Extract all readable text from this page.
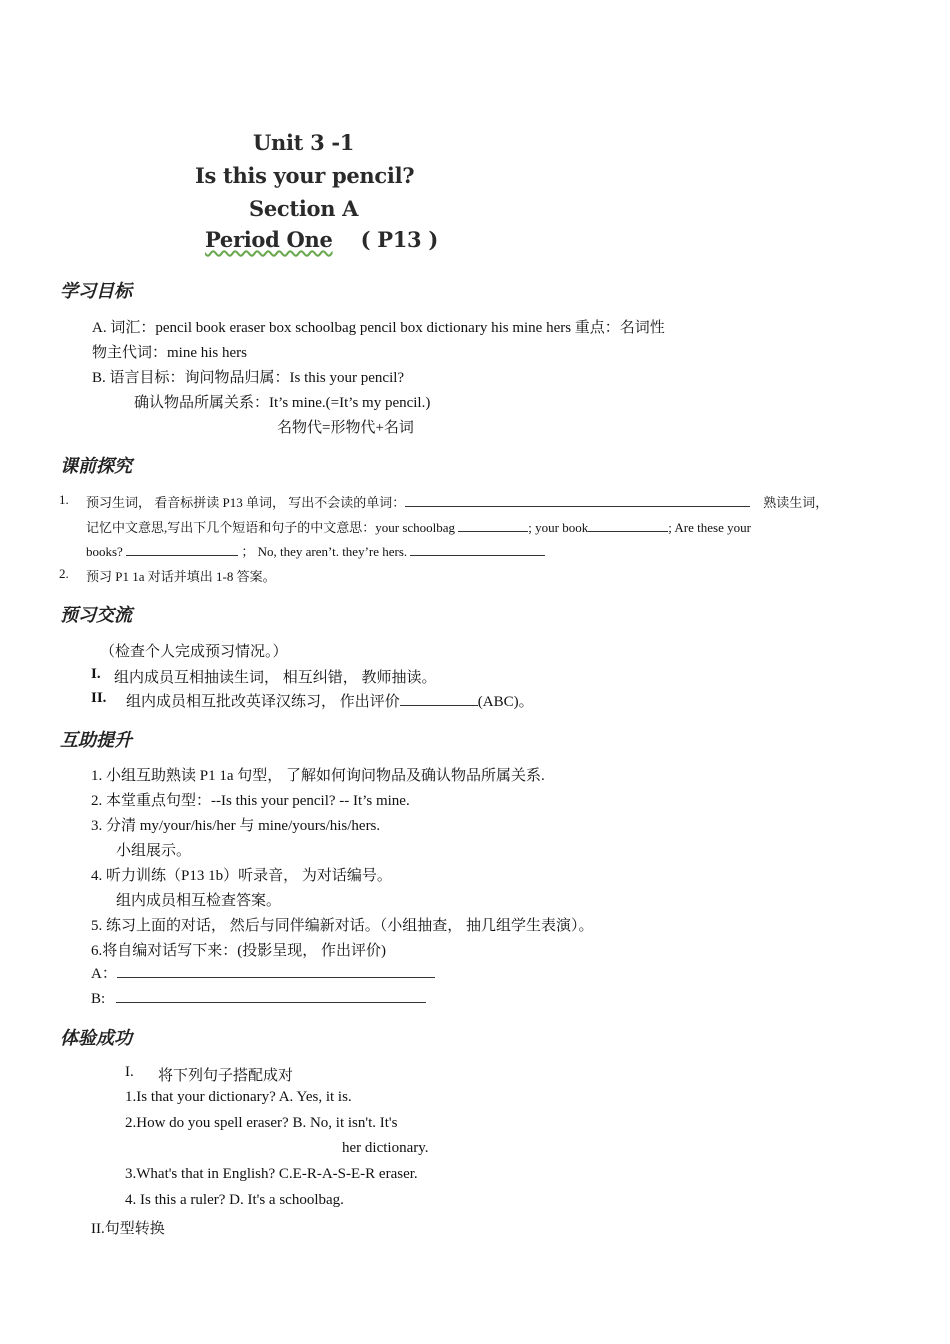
Unit 3 -1
Is this your pencil?
Section A
Period One ( P13 )
学习目标
A. 词汇：pencil book eraser box schoolbag pencil box dictionary his mine hers 重点：名词性
物主代词：mine his hers
B. 语言目标：询问物品归属：Is this your pencil?
确认物品所属关系：It’s mine.(=It’s my pencil.)
名物代=形物代+名词
课前探究
1. 预习生词， 看音标拼读 P13 单词， 写出不会读的单词：	熟读生词，
记忆中文意思,写出下几个短语和句子的中文意思：your schoolbag	; your book	; Are these your
books?	； No, they aren’t. they’re hers.
2. 预习 P1 1a 对话并填出 1-8 答案。
预习交流
（检查个人完成预习情况。）
I. 组内成员互相抽读生词， 相互纠错， 教师抽读。
II. 组内成员相互批改英译汉练习， 作出评价	(ABC)。
互助提升
1. 小组互助熟读 P1 1a 句型， 了解如何询问物品及确认物品所属关系.
2. 本堂重点句型：--Is this your pencil? -- It’s mine.
3. 分清 my/your/his/her 与 mine/yours/his/hers.
小组展示。
4. 听力训练（P13 1b）听录音， 为对话编号。
组内成员相互检查答案。
5. 练习上面的对话， 然后与同伴编新对话。（小组抽查， 抽几组学生表演）。
6.将自编对话写下来：(投影呈现， 作出评价)
A：
B:
体验成功
I. 将下列句子搭配成对
1.Is that your dictionary? A. Yes, it is.
2.How do you spell eraser? B. No, it isn't. It's
her dictionary.
3.What's that in English? C.E-R-A-S-E-R eraser.
4. Is this a ruler? D. It's a schoolbag.
II.句型转换
